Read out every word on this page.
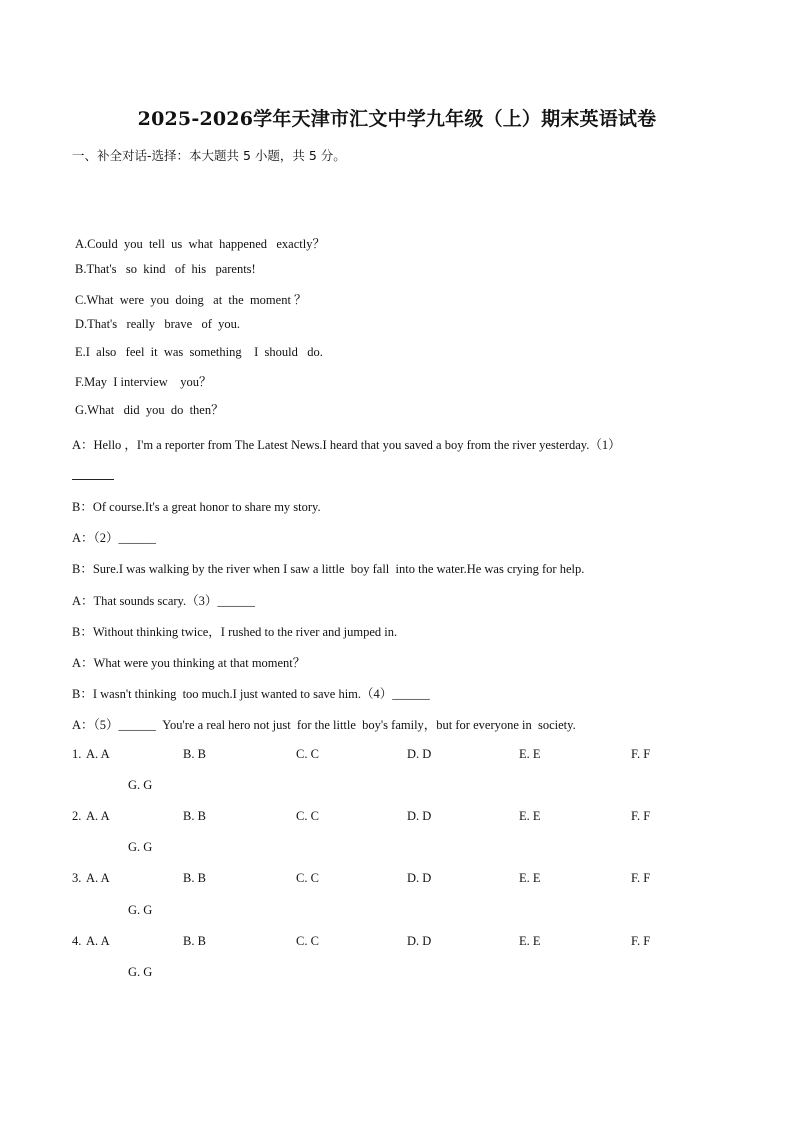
2025-2026学年天津市汇文中学九年级（上）期末英语试卷
一、补全对话-选择：本大题共 5 小题，共 5 分。
A.Could  you  tell  us  what  happened   exactly？
B.That's   so  kind   of  his   parents!
C.What  were  you  doing   at  the  moment ？
D.That's   really   brave   of  you.
E.I  also   feel  it  was  something    I  should   do.
F.May  I interview    you？
G.What   did  you  do  then？
A：Hello ，I'm a reporter from The Latest News.I heard that you saved a boy from the river yesterday.（1）
B：Of course.It's a great honor to share my story.
A：（2）______
B：Sure.I was walking by the river when I saw a little  boy fall  into the water.He was crying for help.
A：That sounds scary.（3）______
B：Without thinking twice，I rushed to the river and jumped in.
A：What were you thinking at that moment？
B：I wasn't thinking  too much.I just wanted to save him.（4）______
A：（5）______  You're a real hero not just  for the little  boy's family，but for everyone in  society.
1. A. A	B. B	C. C	D. D	E. E	F. F
G. G
2. A. A	B. B	C. C	D. D	E. E	F. F
G. G
3. A. A	B. B	C. C	D. D	E. E	F. F
G. G
4. A. A	B. B	C. C	D. D	E. E	F. F
G. G
